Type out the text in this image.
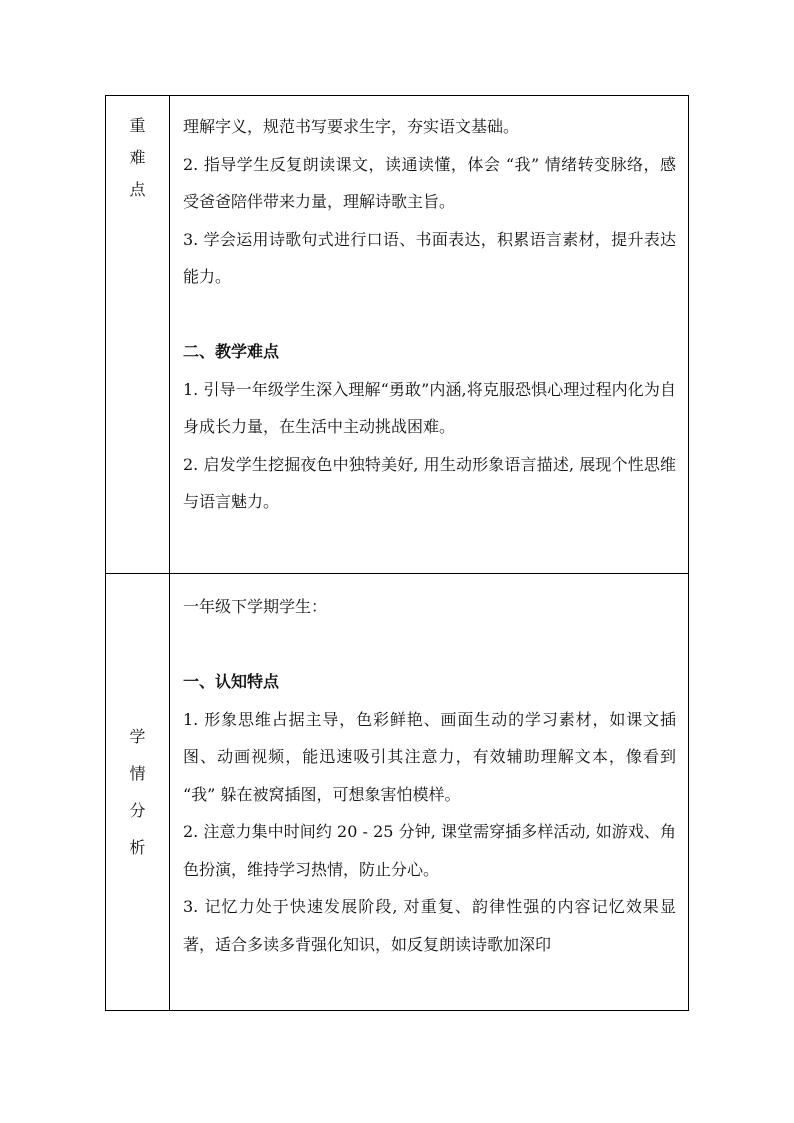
重
难
点

理解字义，规范书写要求生字，夯实语文基础。

2. 指导学生反复朗读课文，读通读懂，体会 “我” 情绪转变脉络，感受爸爸陪伴带来力量，理解诗歌主旨。

3. 学会运用诗歌句式进行口语、书面表达，积累语言素材，提升表达能力。

二、教学难点

1. 引导一年级学生深入理解“勇敢”内涵,将克服恐惧心理过程内化为自身成长力量，在生活中主动挑战困难。

2. 启发学生挖掘夜色中独特美好, 用生动形象语言描述, 展现个性思维与语言魅力。

学
情
分
析

一年级下学期学生：

一、认知特点

1. 形象思维占据主导，色彩鲜艳、画面生动的学习素材，如课文插图、动画视频，能迅速吸引其注意力，有效辅助理解文本，像看到 “我” 躲在被窝插图，可想象害怕模样。

2. 注意力集中时间约 20 - 25 分钟, 课堂需穿插多样活动, 如游戏、角色扮演，维持学习热情，防止分心。

3. 记忆力处于快速发展阶段, 对重复、韵律性强的内容记忆效果显著，适合多读多背强化知识，如反复朗读诗歌加深印
